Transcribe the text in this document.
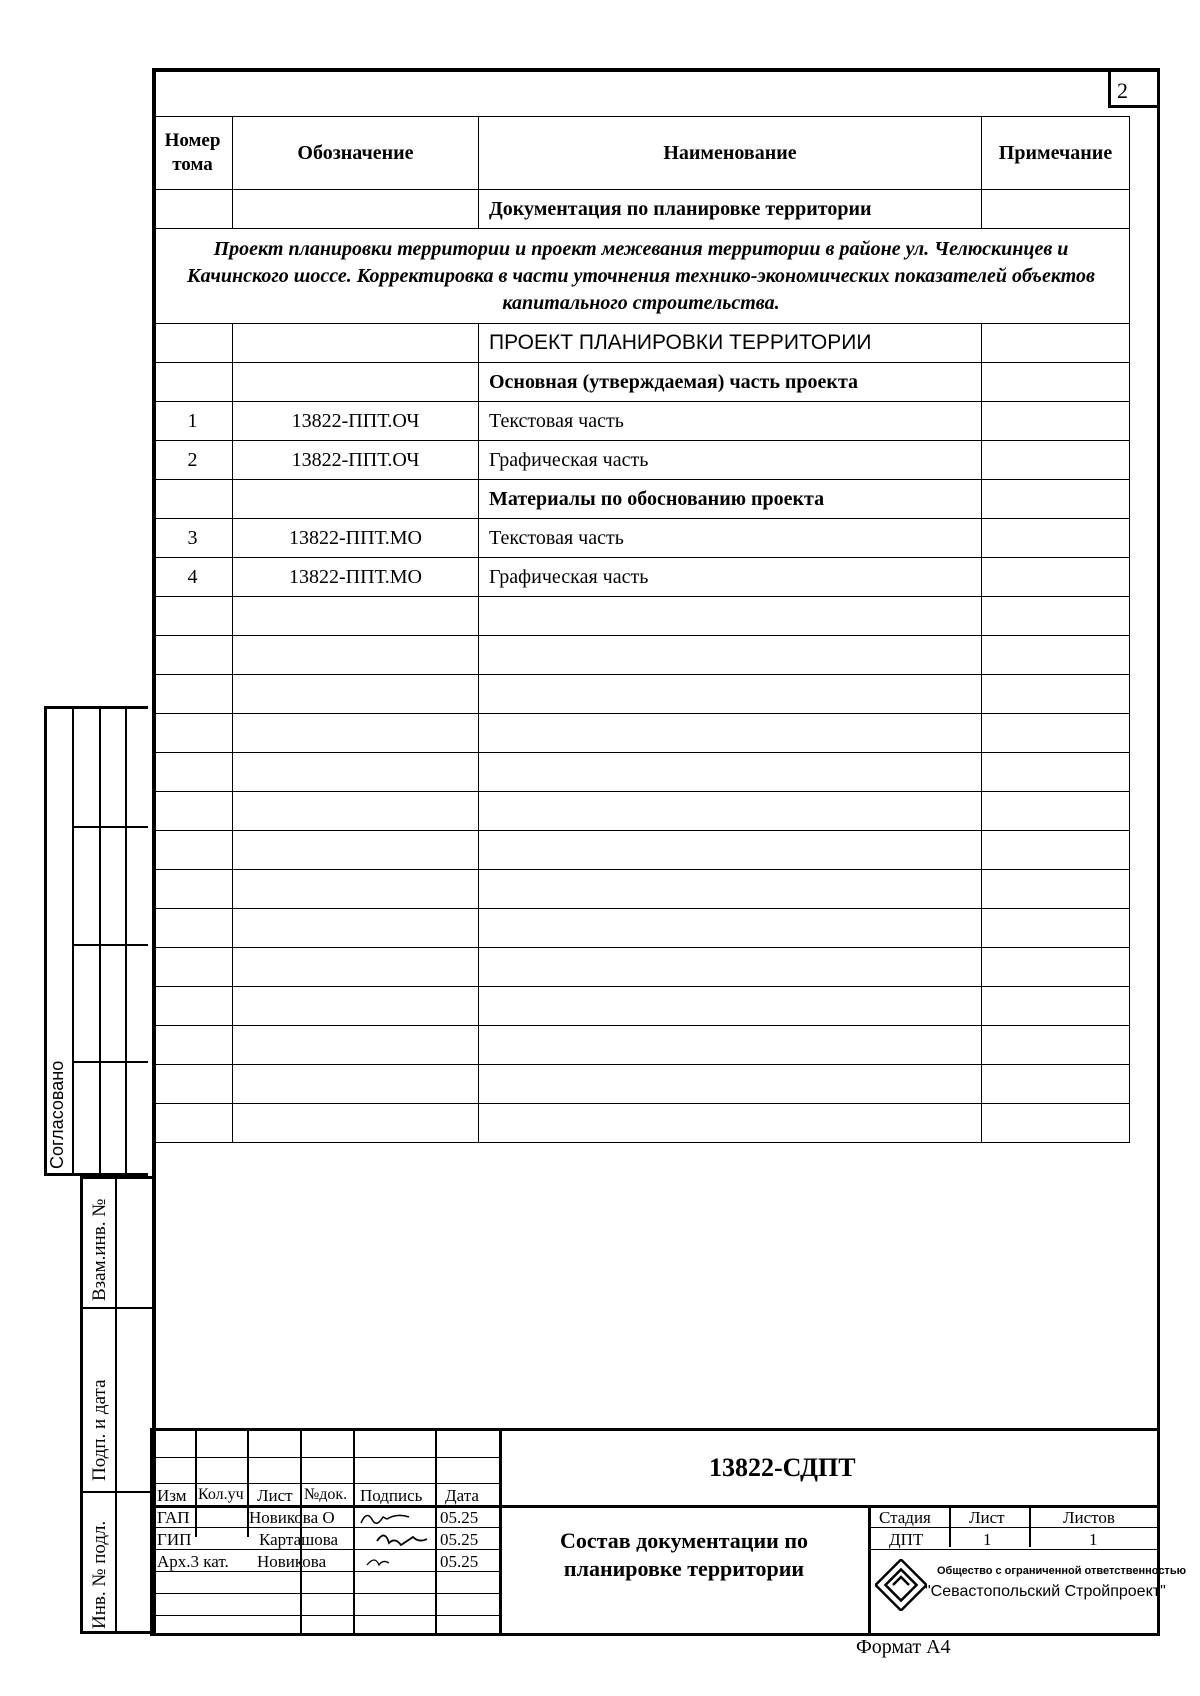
2
Номер тома	Обозначение	Наименование	Примечание
		Документация по планировке территории	
Проект планировки территории и проект межевания территории в районе ул. Челюскинцев и Качинского шоссе. Корректировка в части уточнения технико-экономических показателей объектов капитального строительства.			
		ПРОЕКТ ПЛАНИРОВКИ ТЕРРИТОРИИ	
		Основная (утверждаемая) часть проекта	
1	13822-ППТ.ОЧ	Текстовая часть	
2	13822-ППТ.ОЧ	Графическая часть	
		Материалы по обоснованию проекта	
3	13822-ППТ.МО	Текстовая часть	
4	13822-ППТ.МО	Графическая часть	

Согласовано
Взам.инв. №
Подп. и дата
Инв. № подл.
Изм Кол.уч Лист №док. Подпись Дата
ГАП	Новикова О	05.25
ГИП	Карташова	05.25
Арх.3 кат. Новикова	05.25
13822-СДПТ
Состав документации по планировке территории
Стадия Лист	Листов
ДПТ	1	1
Общество с ограниченной ответственностью
"Севастопольский Стройпроект"
Формат А4
